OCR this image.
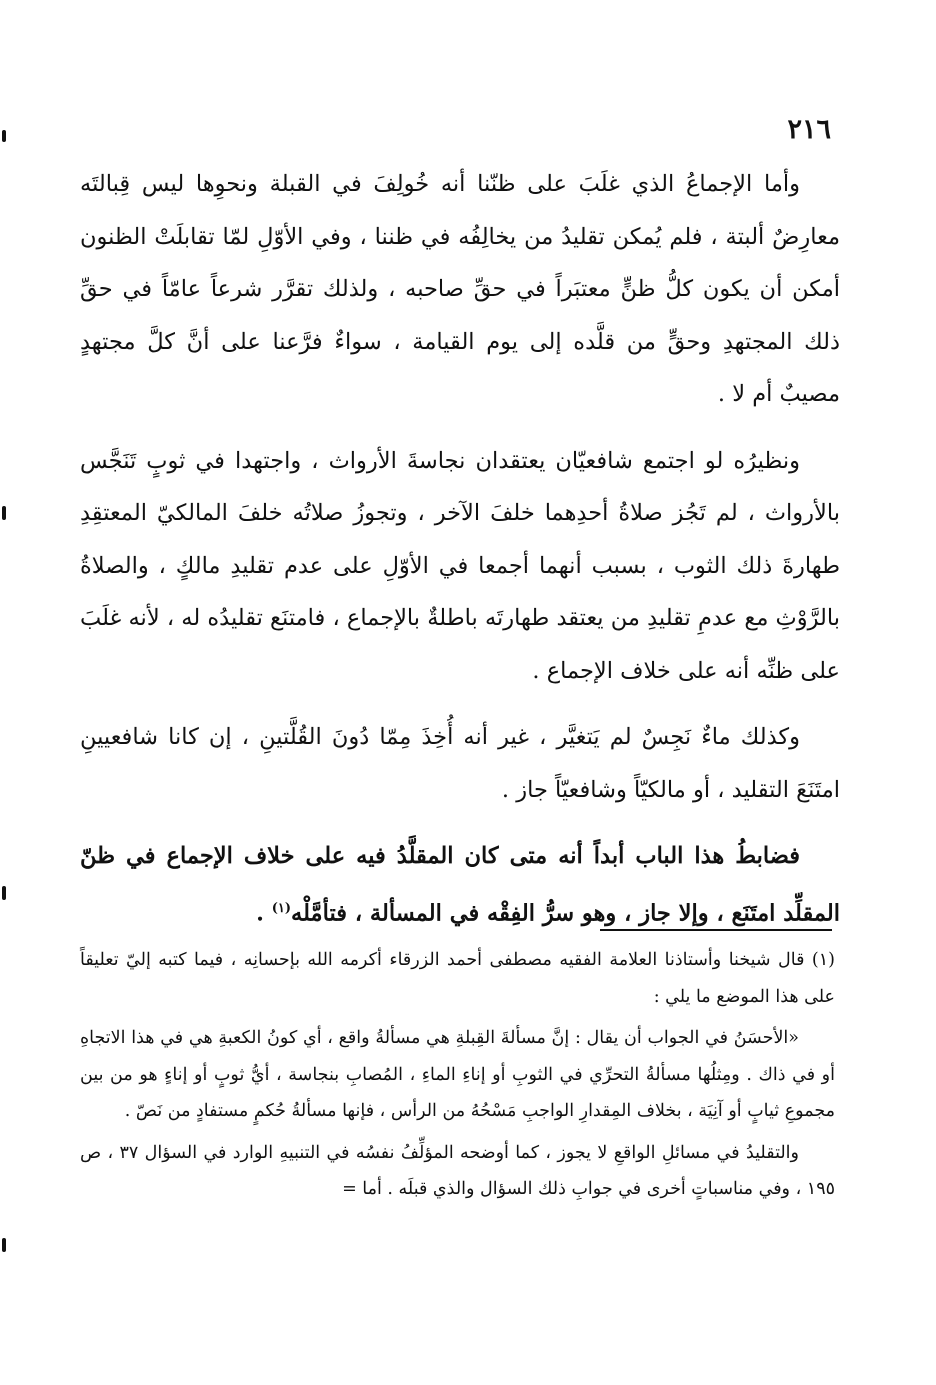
٢١٦

وأما الإجماعُ الذي غلَبَ على ظنّنا أنه خُولِفَ في القبلة ونحوِها ليس قِبالتَه معارِضٌ ألبتة ، فلم يُمكن تقليدُ من يخالِفُه في ظننا ، وفي الأوّلِ لمّا تقابلَتْ الظنون أمكن أن يكون كلُّ ظنٍّ معتبَراً في حقِّ صاحبه ، ولذلك تقرَّر شرعاً عامّاً في حقِّ ذلك المجتهدِ وحقٍّ من قلَّده إلى يوم القيامة ، سواءٌ فرَّعنا على أنَّ كلَّ مجتهدٍ مصيبٌ أم لا .

ونظيرُه لو اجتمع شافعيّان يعتقدان نجاسةَ الأرواث ، واجتهدا في ثوبٍ تَنَجَّس بالأرواث ، لم تَجُز صلاةُ أحدِهما خلفَ الآخر ، وتجوزُ صلاتُه خلفَ المالكيّ المعتقِدِ طهارةَ ذلك الثوب ، بسبب أنهما أجمعا في الأوّلِ على عدم تقليدِ مالكٍ ، والصلاةُ بالرَّوْثِ مع عدمِ تقليدِ من يعتقد طهارتَه باطلةٌ بالإجماع ، فامتنَع تقليدُه له ، لأنه غلَبَ على ظنِّه أنه على خلاف الإجماع .

وكذلك ماءٌ نَجِسٌ لم يَتغيَّر ، غير أنه أُخِذَ مِمّا دُونَ القُلَّتينِ ، إن كانا شافعيينِ امتَنَعَ التقليد ، أو مالكيّاً وشافعيّاً جاز .

فضابطُ هذا الباب أبداً أنه متى كان المقلَّدُ فيه على خلاف الإجماع في ظنّ المقلِّد امتَنَع ، وإلا جاز ، وهو سرُّ الفِقْه في المسألة ، فتأمَّلْه$^{(١)}$ .

(١) قال شيخنا وأستاذنا العلامة الفقيه مصطفى أحمد الزرقاء أكرمه الله بإحسانِه ، فيما كتبه إليّ تعليقاً على هذا الموضع ما يلي :

«الأحسَنُ في الجواب أن يقال : إنَّ مسألةَ القِبلةِ هي مسألةُ واقع ، أي كونُ الكعبةِ هي في هذا الاتجاهِ أو في ذاك . ومِثلُها مسألةُ التحرِّي في الثوبِ أو إناءِ الماءِ ، المُصابِ بنجاسة ، أيُّ ثوبٍ أو إناءٍ هو من بين مجموعِ ثيابٍ أو آنِيَة ، بخلاف المِقدارِ الواجبِ مَسْحُهُ من الرأس ، فإنها مسألةُ حُكمٍ مستفادٍ من نَصّ .

والتقليدُ في مسائلِ الواقعِ لا يجوز ، كما أوضحه المؤلِّفُ نفسُه في التنبيهِ الوارد في السؤال ٣٧ ، ص ١٩٥ ، وفي مناسباتٍ أخرى في جوابِ ذلك السؤال والذي قبلَه . أما =
